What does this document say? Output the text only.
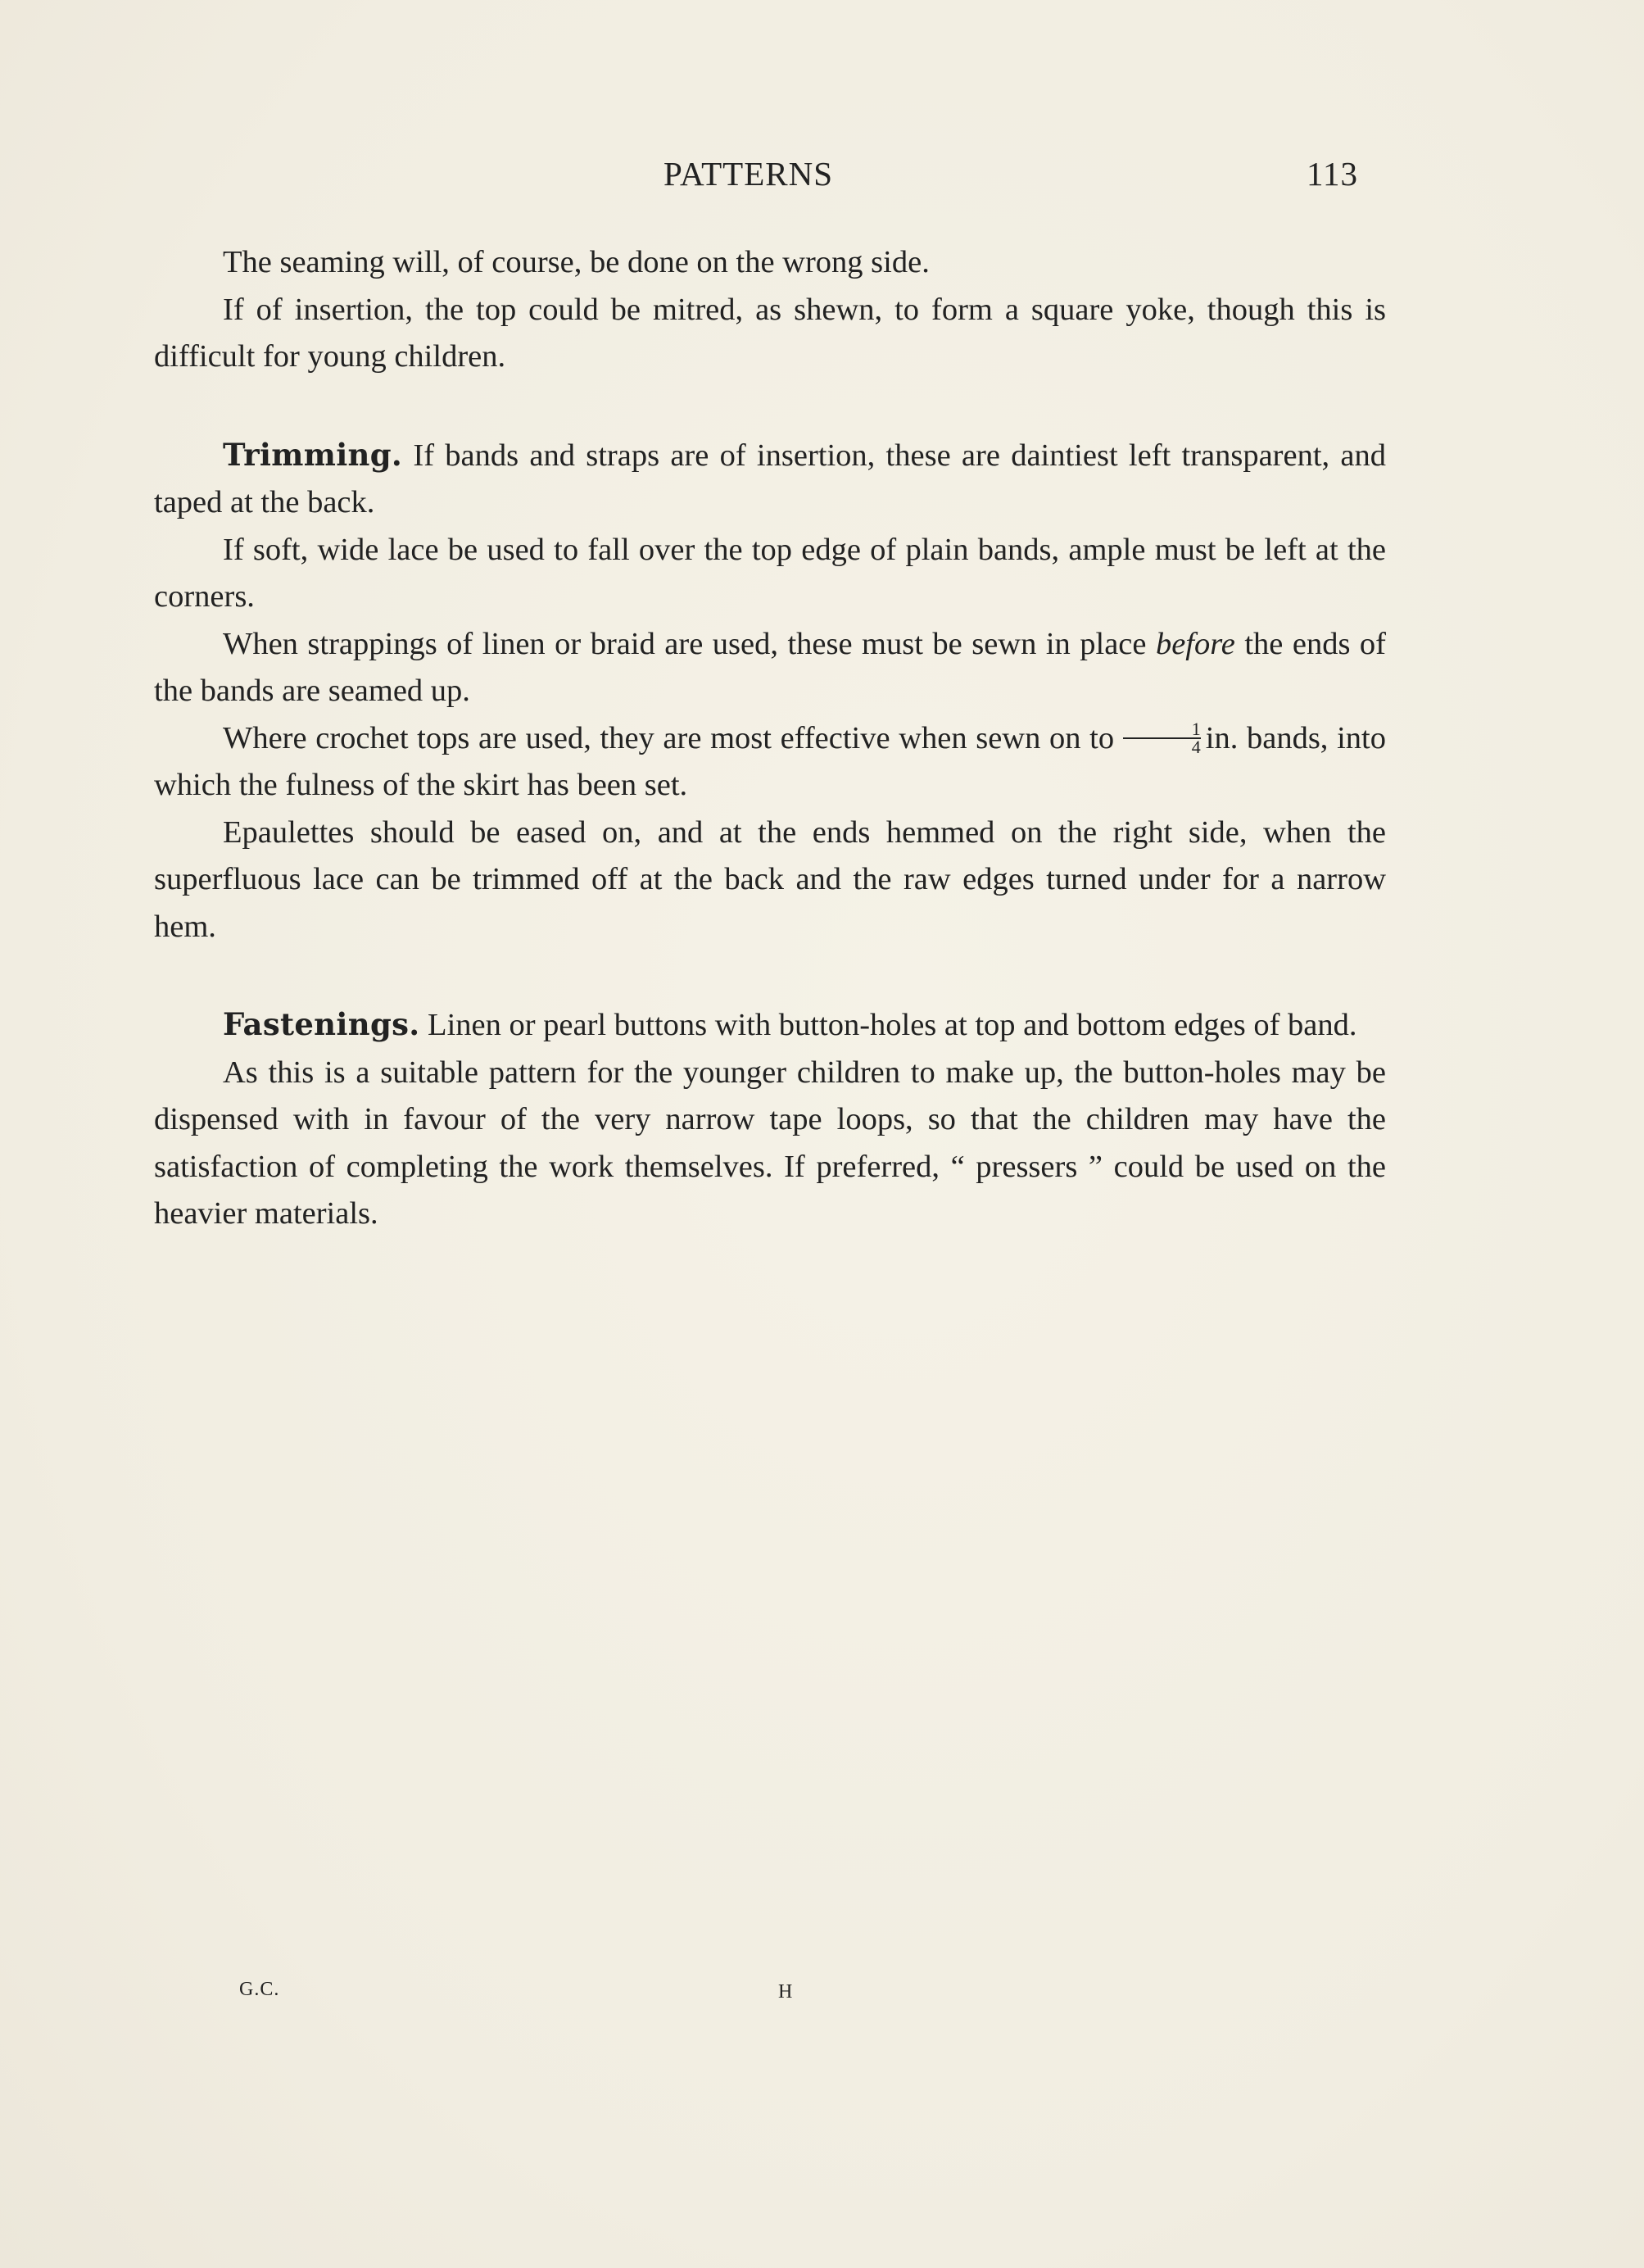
PATTERNS	113

The seaming will, of course, be done on the wrong side.

If of insertion, the top could be mitred, as shewn, to form a square yoke, though this is difficult for young children.

Trimming. If bands and straps are of insertion, these are daintiest left transparent, and taped at the back.

If soft, wide lace be used to fall over the top edge of plain bands, ample must be left at the corners.

When strappings of linen or braid are used, these must be sewn in place before the ends of the bands are seamed up.

Where crochet tops are used, they are most effective when sewn on to $\frac{1}{4}$ in. bands, into which the fulness of the skirt has been set.

Epaulettes should be eased on, and at the ends hemmed on the right side, when the superfluous lace can be trimmed off at the back and the raw edges turned under for a narrow hem.

Fastenings. Linen or pearl buttons with button-holes at top and bottom edges of band.

As this is a suitable pattern for the younger children to make up, the button-holes may be dispensed with in favour of the very narrow tape loops, so that the children may have the satisfaction of completing the work themselves. If preferred, “ pressers ” could be used on the heavier materials.

G.C.	H
